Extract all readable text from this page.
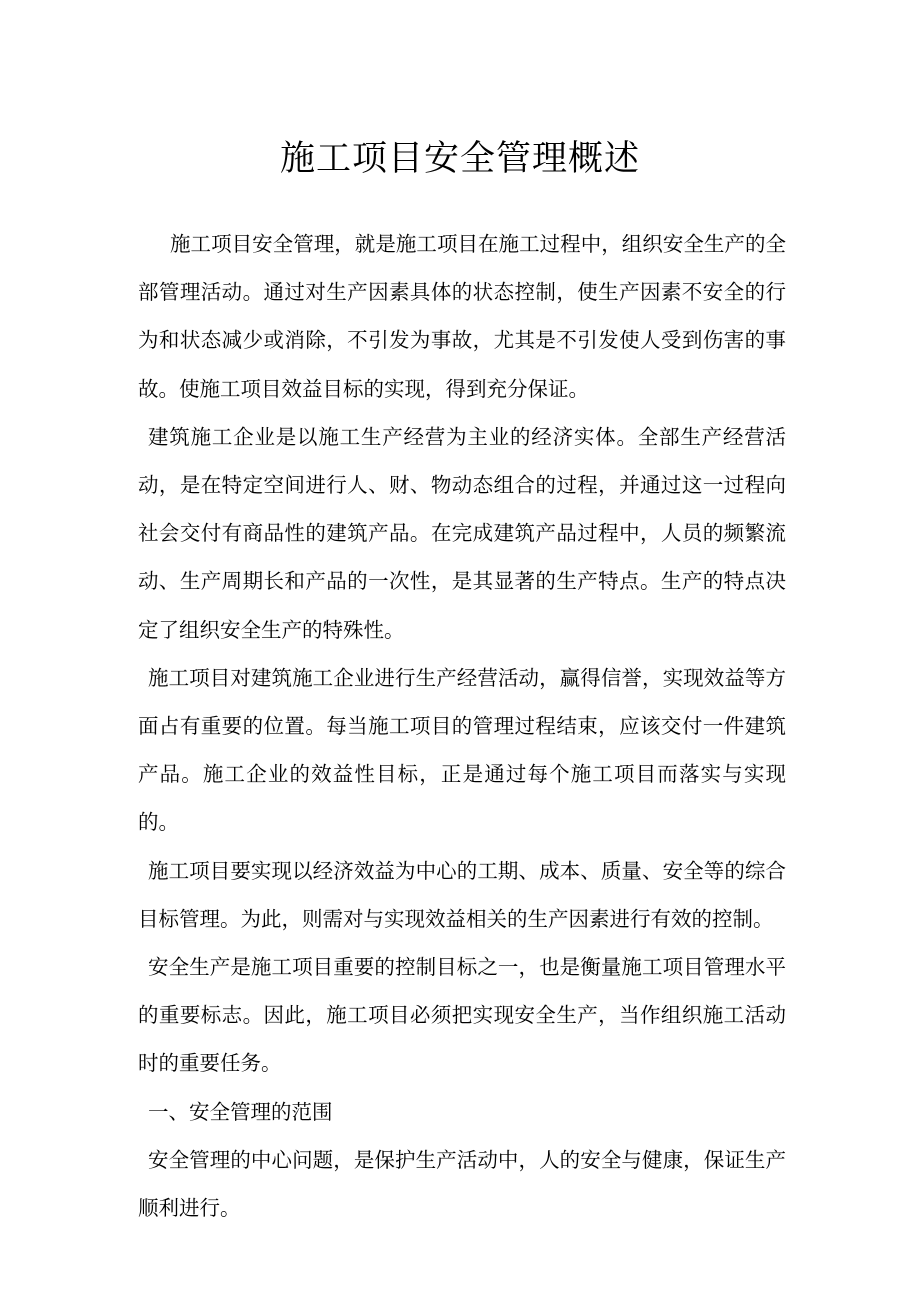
施工项目安全管理概述

施工项目安全管理，就是施工项目在施工过程中，组织安全生产的全部管理活动。通过对生产因素具体的状态控制，使生产因素不安全的行为和状态减少或消除，不引发为事故，尤其是不引发使人受到伤害的事故。使施工项目效益目标的实现，得到充分保证。

建筑施工企业是以施工生产经营为主业的经济实体。全部生产经营活动，是在特定空间进行人、财、物动态组合的过程，并通过这一过程向社会交付有商品性的建筑产品。在完成建筑产品过程中，人员的频繁流动、生产周期长和产品的一次性，是其显著的生产特点。生产的特点决定了组织安全生产的特殊性。

施工项目对建筑施工企业进行生产经营活动，赢得信誉，实现效益等方面占有重要的位置。每当施工项目的管理过程结束，应该交付一件建筑产品。施工企业的效益性目标，正是通过每个施工项目而落实与实现的。

施工项目要实现以经济效益为中心的工期、成本、质量、安全等的综合目标管理。为此，则需对与实现效益相关的生产因素进行有效的控制。

安全生产是施工项目重要的控制目标之一，也是衡量施工项目管理水平的重要标志。因此，施工项目必须把实现安全生产，当作组织施工活动时的重要任务。

一、安全管理的范围

安全管理的中心问题，是保护生产活动中，人的安全与健康，保证生产顺利进行。
